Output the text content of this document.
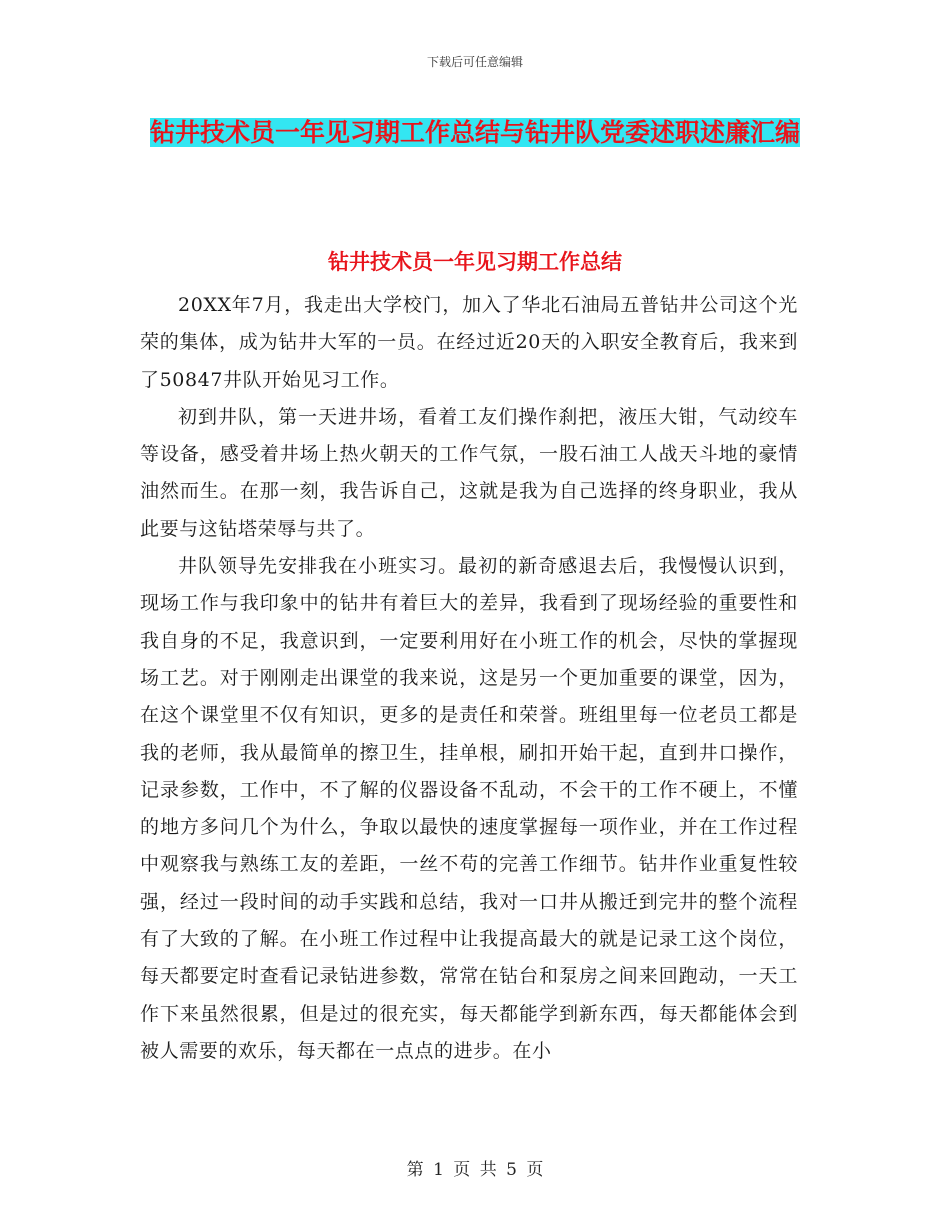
下载后可任意编辑
钻井技术员一年见习期工作总结与钻井队党委述职述廉汇编
钻井技术员一年见习期工作总结

20XX年7月，我走出大学校门，加入了华北石油局五普钻井公司这个光荣的集体，成为钻井大军的一员。在经过近20天的入职安全教育后，我来到了50847井队开始见习工作。

初到井队，第一天进井场，看着工友们操作刹把，液压大钳，气动绞车等设备，感受着井场上热火朝天的工作气氛，一股石油工人战天斗地的豪情油然而生。在那一刻，我告诉自己，这就是我为自己选择的终身职业，我从此要与这钻塔荣辱与共了。

井队领导先安排我在小班实习。最初的新奇感退去后，我慢慢认识到，现场工作与我印象中的钻井有着巨大的差异，我看到了现场经验的重要性和我自身的不足，我意识到，一定要利用好在小班工作的机会，尽快的掌握现场工艺。对于刚刚走出课堂的我来说，这是另一个更加重要的课堂，因为，在这个课堂里不仅有知识，更多的是责任和荣誉。班组里每一位老员工都是我的老师，我从最简单的擦卫生，挂单根，刷扣开始干起，直到井口操作，记录参数，工作中，不了解的仪器设备不乱动，不会干的工作不硬上，不懂的地方多问几个为什么，争取以最快的速度掌握每一项作业，并在工作过程中观察我与熟练工友的差距，一丝不苟的完善工作细节。钻井作业重复性较强，经过一段时间的动手实践和总结，我对一口井从搬迁到完井的整个流程有了大致的了解。在小班工作过程中让我提高最大的就是记录工这个岗位，每天都要定时查看记录钻进参数，常常在钻台和泵房之间来回跑动，一天工作下来虽然很累，但是过的很充实，每天都能学到新东西，每天都能体会到被人需要的欢乐，每天都在一点点的进步。在小

第 1 页 共 5 页
